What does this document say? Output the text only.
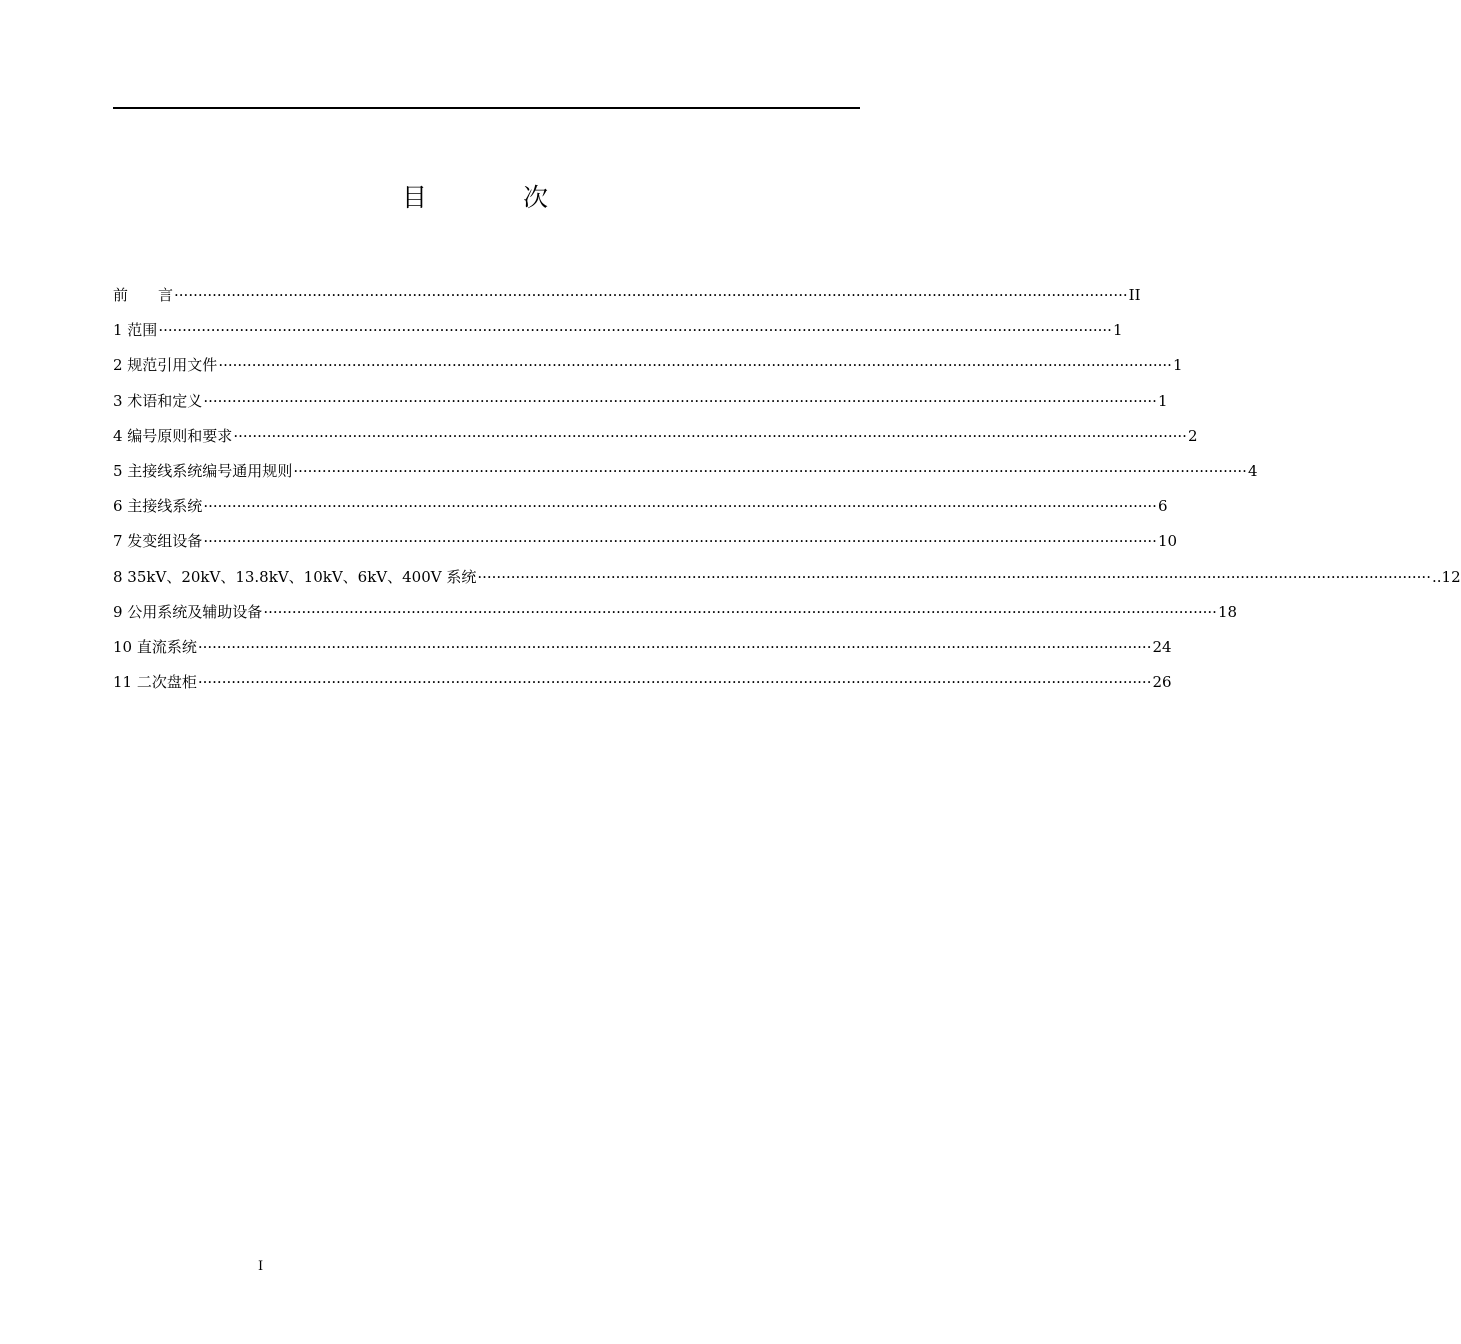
目 次
前　　言 ········································································································································································································ II
1 范围 ········································································································································································································ 1
2 规范引用文件 ········································································································································································································ 1
3 术语和定义 ········································································································································································································ 1
4 编号原则和要求 ········································································································································································································ 2
5 主接线系统编号通用规则 ········································································································································································································ 4
6 主接线系统 ········································································································································································································ 6
7 发变组设备 ········································································································································································································ 10
8 35kV、20kV、13.8kV、10kV、6kV、400V 系统 ········································································································································································································ ..12
9 公用系统及辅助设备 ········································································································································································································ 18
10 直流系统 ········································································································································································································ 24
11 二次盘柜 ········································································································································································································ 26
I
